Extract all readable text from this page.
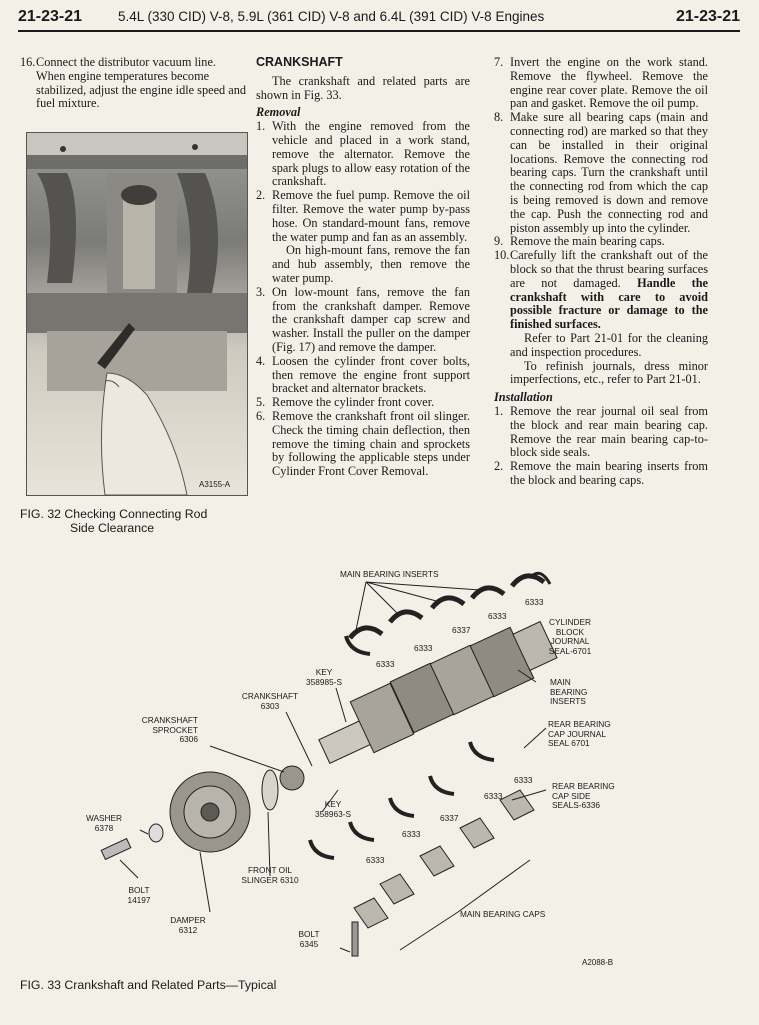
21-23-21	5.4L (330 CID) V-8, 5.9L (361 CID) V-8 and 6.4L (391 CID) V-8 Engines	21-23-21
16. Connect the distributor vacuum line. When engine temperatures become stabilized, adjust the engine idle speed and fuel mixture.
A3155-A
FIG. 32 Checking Connecting Rod
Side Clearance
CRANKSHAFT

The crankshaft and related parts are shown in Fig. 33.

Removal
1. With the engine removed from the vehicle and placed in a work stand, remove the alternator. Remove the spark plugs to allow easy rotation of the crankshaft.
2. Remove the fuel pump. Remove the oil filter. Remove the water pump by-pass hose. On standard-mount fans, remove the water pump and fan as an assembly.

On high-mount fans, remove the fan and hub assembly, then remove the water pump.

3. On low-mount fans, remove the fan from the crankshaft damper. Remove the crankshaft damper cap screw and washer. Install the puller on the damper (Fig. 17) and remove the damper.
4. Loosen the cylinder front cover bolts, then remove the engine front support bracket and alternator brackets.
5. Remove the cylinder front cover.
6. Remove the crankshaft front oil slinger. Check the timing chain deflection, then remove the timing chain and sprockets by following the applicable steps under Cylinder Front Cover Removal.
7. Invert the engine on the work stand. Remove the flywheel. Remove the engine rear cover plate. Remove the oil pan and gasket. Remove the oil pump.
8. Make sure all bearing caps (main and connecting rod) are marked so that they can be installed in their original locations. Remove the connecting rod bearing caps. Turn the crankshaft until the connecting rod from which the cap is being removed is down and remove the cap. Push the connecting rod and piston assembly up into the cylinder.
9. Remove the main bearing caps.
10. Carefully lift the crankshaft out of the block so that the thrust bearing surfaces are not damaged. Handle the crankshaft with care to avoid possible fracture or damage to the finished surfaces.

Refer to Part 21-01 for the cleaning and inspection procedures.

To refinish journals, dress minor imperfections, etc., refer to Part 21-01.

Installation
1. Remove the rear journal oil seal from the block and rear main bearing cap. Remove the rear main bearing cap-to-block side seals.
2. Remove the main bearing inserts from the block and bearing caps.
MAIN BEARING INSERTS
6333
6333
6337
6333
6333
CYLINDER BLOCK JOURNAL SEAL-6701
KEY 358985-S
CRANKSHAFT 6303
MAIN BEARING INSERTS
CRANKSHAFT SPROCKET 6306
REAR BEARING CAP JOURNAL SEAL 6701
6333
6333
REAR BEARING CAP SIDE SEALS-6336
KEY 358963-S	6337
WASHER 6378
6333
6333
FRONT OIL SLINGER 6310
BOLT 14197
MAIN BEARING CAPS
DAMPER 6312	BOLT 6345
A2088-B
FIG. 33 Crankshaft and Related Parts—Typical
